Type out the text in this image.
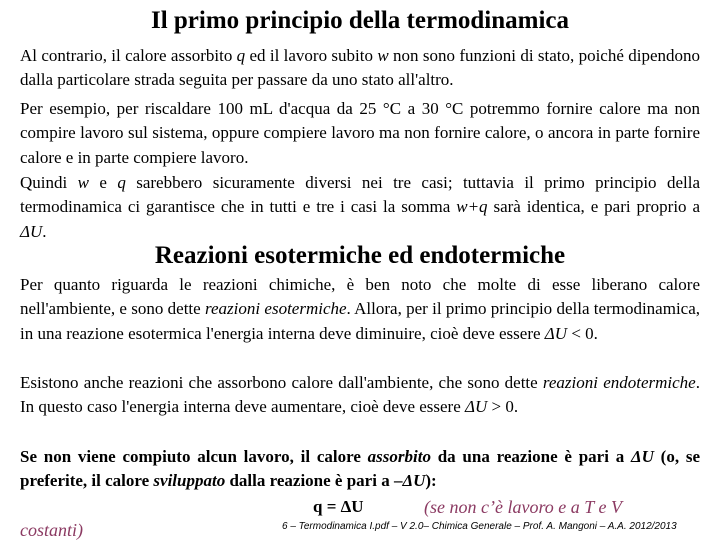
Il primo principio della termodinamica

Al contrario, il calore assorbito q ed il lavoro subito w non sono funzioni di stato, poiché dipendono dalla particolare strada seguita per passare da uno stato all'altro.

Per esempio, per riscaldare 100 mL d'acqua da 25 °C a 30 °C potremmo fornire calore ma non compire lavoro sul sistema, oppure compiere lavoro ma non fornire calore, o ancora in parte fornire calore e in parte compiere lavoro.

Quindi w e q sarebbero sicuramente diversi nei tre casi; tuttavia il primo principio della termodinamica ci garantisce che in tutti e tre i casi la somma w+q sarà identica, e pari proprio a ΔU.

Reazioni esotermiche ed endotermiche

Per quanto riguarda le reazioni chimiche, è ben noto che molte di esse liberano calore nell'ambiente, e sono dette reazioni esotermiche. Allora, per il primo principio della termodinamica, in una reazione esotermica l'energia interna deve diminuire, cioè deve essere ΔU < 0.

Esistono anche reazioni che assorbono calore dall'ambiente, che sono dette reazioni endotermiche. In questo caso l'energia interna deve aumentare, cioè deve essere ΔU > 0.

Se non viene compiuto alcun lavoro, il calore assorbito da una reazione è pari a ΔU (o, se preferite, il calore sviluppato dalla reazione è pari a –ΔU):

q = ΔU	(se non c’è lavoro e a T e V
costanti)	6 – Termodinamica I.pdf – V 2.0– Chimica Generale – Prof. A. Mangoni – A.A. 2012/2013
